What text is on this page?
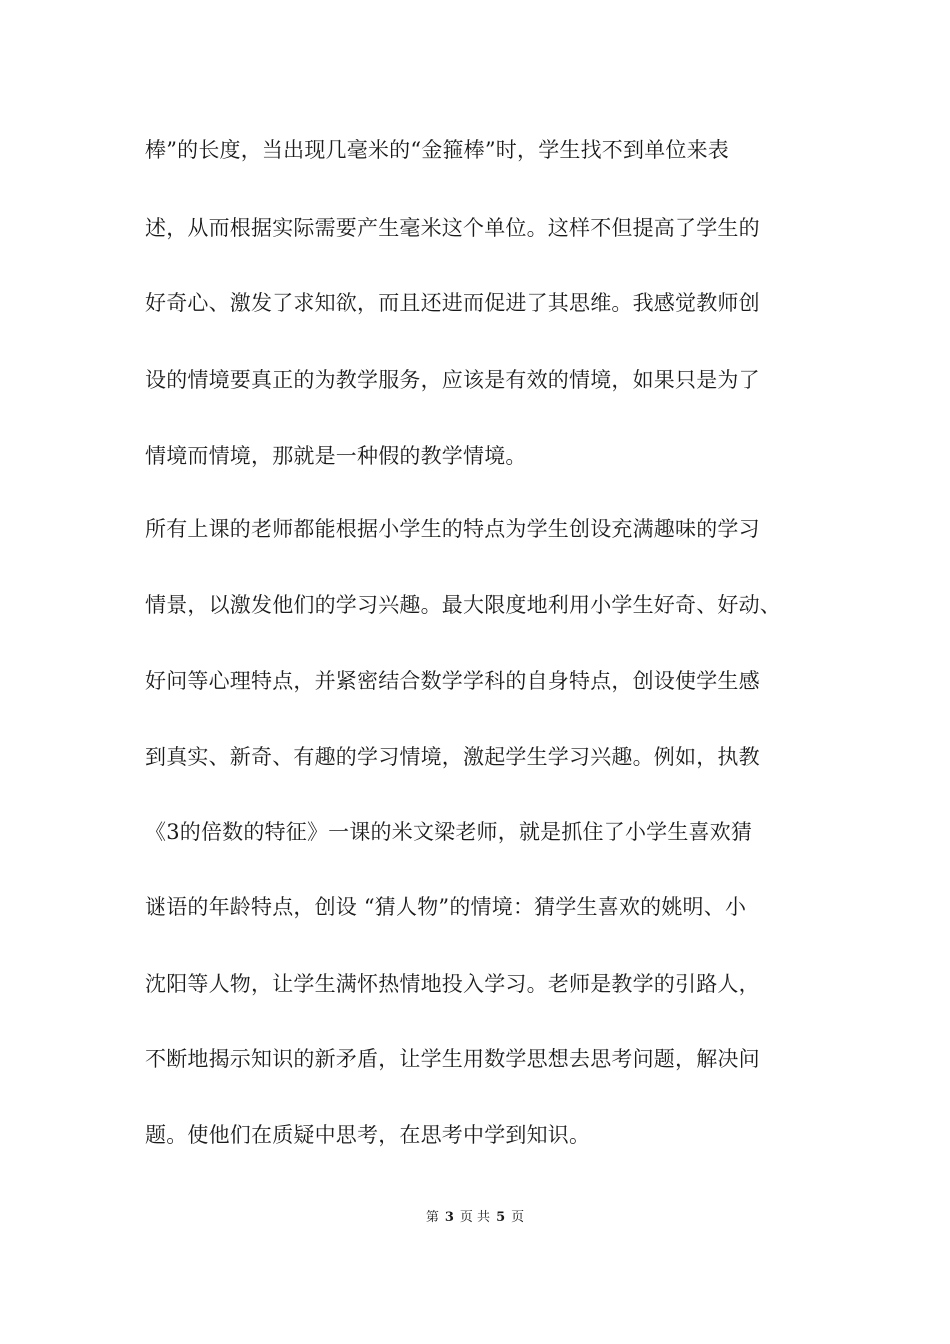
棒”的长度，当出现几毫米的“金箍棒”时，学生找不到单位来表
述，从而根据实际需要产生毫米这个单位。这样不但提高了学生的
好奇心、激发了求知欲，而且还进而促进了其思维。我感觉教师创
设的情境要真正的为教学服务，应该是有效的情境，如果只是为了
情境而情境，那就是一种假的教学情境。
所有上课的老师都能根据小学生的特点为学生创设充满趣味的学习
情景，以激发他们的学习兴趣。最大限度地利用小学生好奇、好动、
好问等心理特点，并紧密结合数学学科的自身特点，创设使学生感
到真实、新奇、有趣的学习情境，激起学生学习兴趣。例如，执教
《3的倍数的特征》一课的米文梁老师，就是抓住了小学生喜欢猜
谜语的年龄特点，创设 “猜人物”的情境：猜学生喜欢的姚明、小
沈阳等人物，让学生满怀热情地投入学习。老师是教学的引路人，
不断地揭示知识的新矛盾，让学生用数学思想去思考问题，解决问
题。使他们在质疑中思考，在思考中学到知识。
第 3 页 共 5 页
